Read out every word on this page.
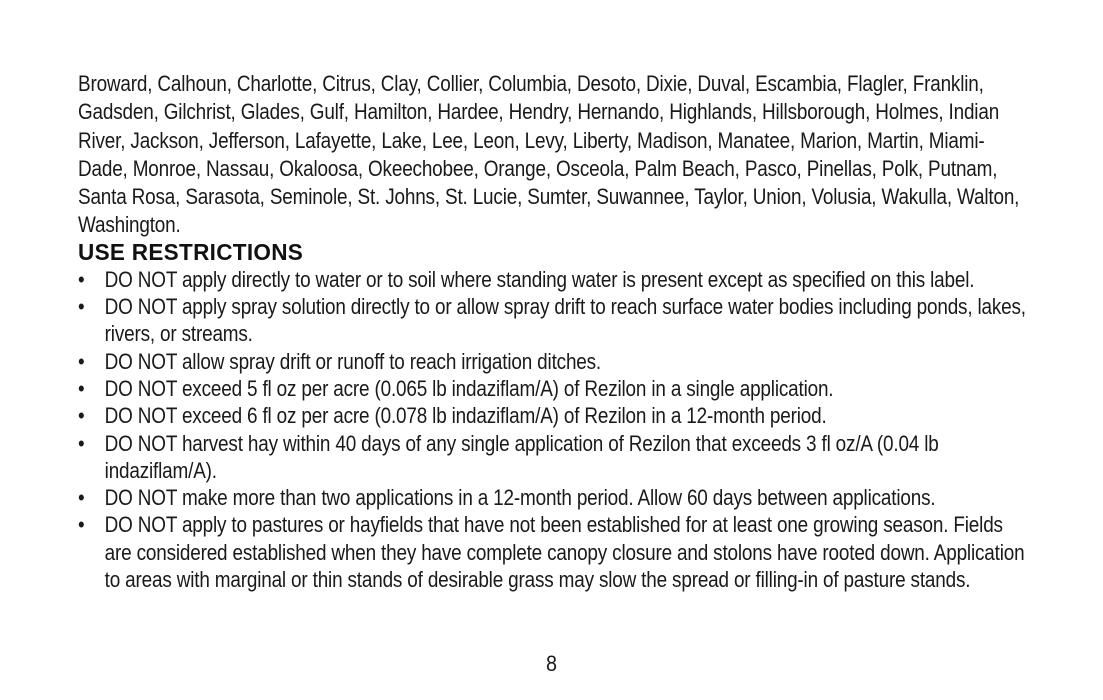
Broward, Calhoun, Charlotte, Citrus, Clay, Collier, Columbia, Desoto, Dixie, Duval, Escambia, Flagler, Franklin, Gadsden, Gilchrist, Glades, Gulf, Hamilton, Hardee, Hendry, Hernando, Highlands, Hillsborough, Holmes, Indian River, Jackson, Jefferson, Lafayette, Lake, Lee, Leon, Levy, Liberty, Madison, Manatee, Marion, Martin, Miami-Dade, Monroe, Nassau, Okaloosa, Okeechobee, Orange, Osceola, Palm Beach, Pasco, Pinellas, Polk, Putnam, Santa Rosa, Sarasota, Seminole, St. Johns, St. Lucie, Sumter, Suwannee, Taylor, Union, Volusia, Wakulla, Walton, Washington.

USE RESTRICTIONS
• DO NOT apply directly to water or to soil where standing water is present except as specified on this label.
• DO NOT apply spray solution directly to or allow spray drift to reach surface water bodies including ponds, lakes, rivers, or streams.
• DO NOT allow spray drift or runoff to reach irrigation ditches.
• DO NOT exceed 5 fl oz per acre (0.065 lb indaziflam/A) of Rezilon in a single application.
• DO NOT exceed 6 fl oz per acre (0.078 lb indaziflam/A) of Rezilon in a 12-month period.
• DO NOT harvest hay within 40 days of any single application of Rezilon that exceeds 3 fl oz/A (0.04 lb indaziflam/A).
• DO NOT make more than two applications in a 12-month period. Allow 60 days between applications.
• DO NOT apply to pastures or hayfields that have not been established for at least one growing season. Fields are considered established when they have complete canopy closure and stolons have rooted down. Application to areas with marginal or thin stands of desirable grass may slow the spread or filling-in of pasture stands.
8
